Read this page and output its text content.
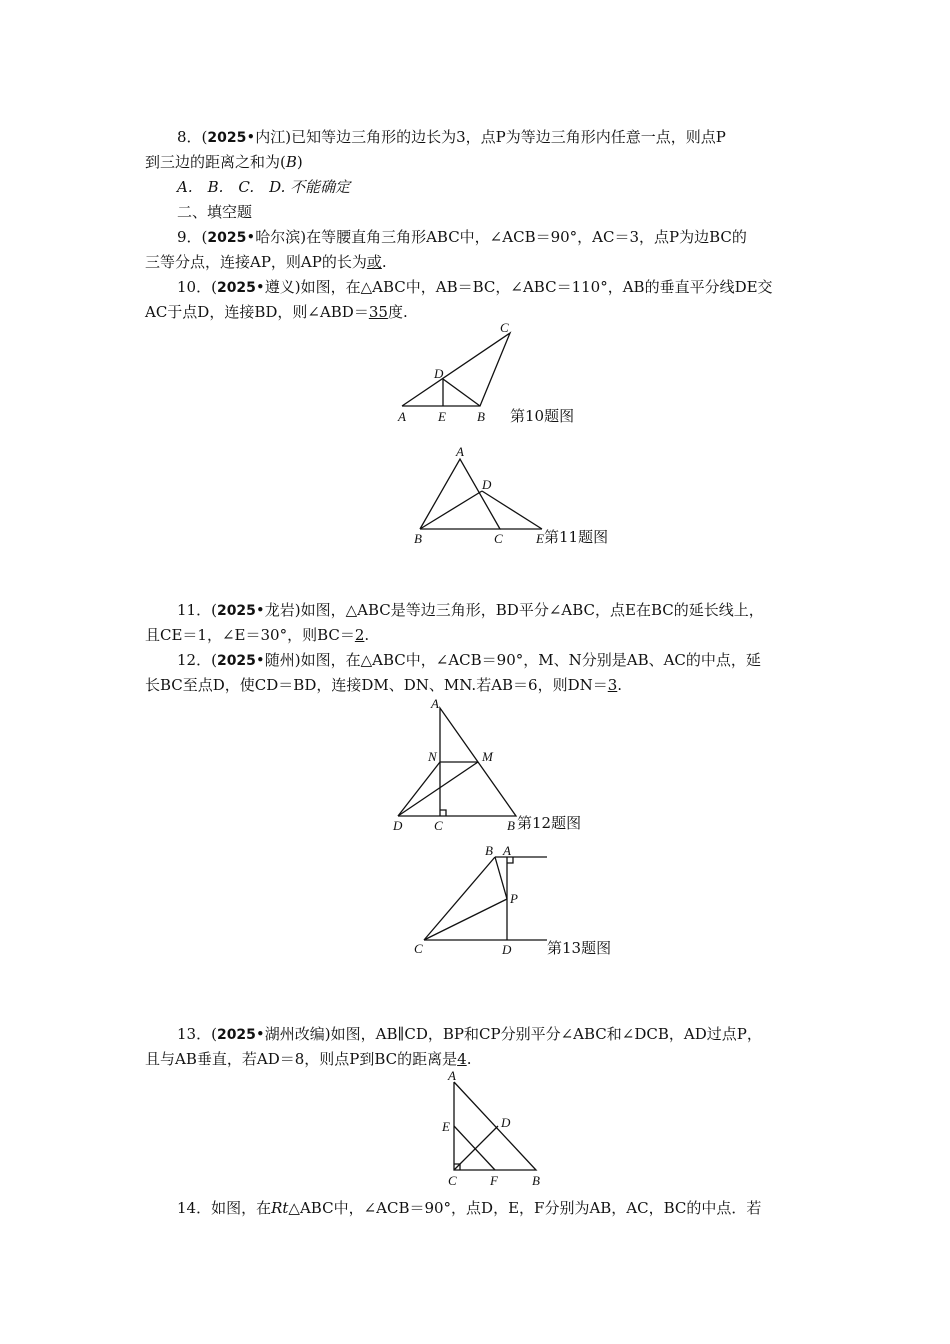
8．(2025•内江)已知等边三角形的边长为3，点P为等边三角形内任意一点，则点P
到三边的距离之和为(B)
A.　B.　C.　D. 不能确定
二、填空题
9．(2025•哈尔滨)在等腰直角三角形ABC中，∠ACB＝90°，AC＝3，点P为边BC的
三等分点，连接AP，则AP的长为或.
10．(2025•遵义)如图，在△ABC中，AB＝BC，∠ABC＝110°，AB的垂直平分线DE交
AC于点D，连接BD，则∠ABD＝35度.
A E B
D
C
第10题图
A
D
B	C	E 第11题图
11．(2025•龙岩)如图，△ABC是等边三角形，BD平分∠ABC，点E在BC的延长线上，
且CE＝1，∠E＝30°，则BC＝2.
12．(2025•随州)如图，在△ABC中，∠ACB＝90°，M、N分别是AB、AC的中点，延
长BC至点D，使CD＝BD，连接DM、DN、MN.若AB＝6，则DN＝3.
A
N	M
D C	B 第12题图
B A
P
C	D 第13题图
13．(2025•湖州改编)如图，AB∥CD，BP和CP分别平分∠ABC和∠DCB，AD过点P，
且与AB垂直，若AD＝8，则点P到BC的距离是4.
A
E	D
C	F	B
14．如图，在Rt△ABC中，∠ACB＝90°，点D，E，F分别为AB，AC，BC的中点．若
